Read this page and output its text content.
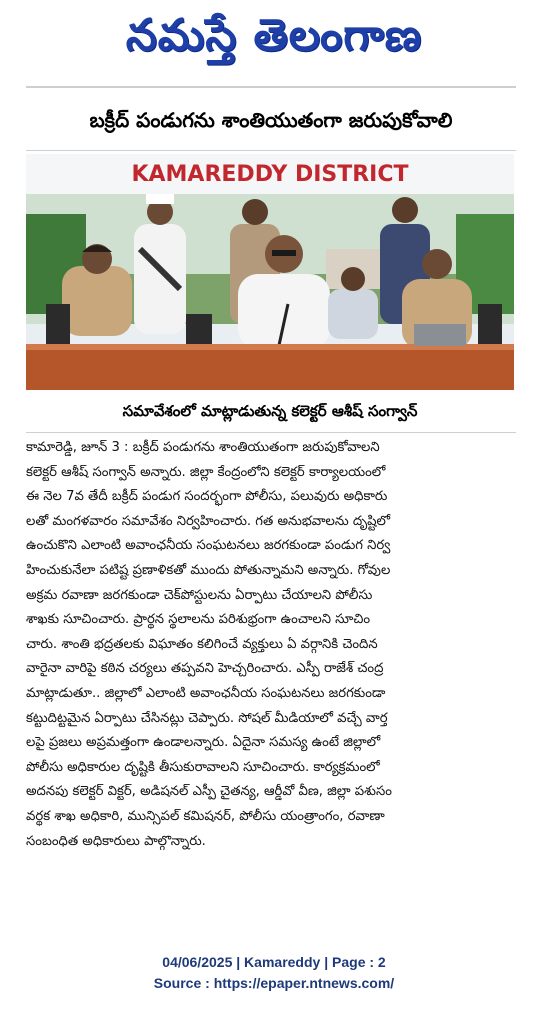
నమస్తే తెలంగాణ
బక్రీద్ పండుగను శాంతియుతంగా జరుపుకోవాలి
KAMAREDDY DISTRICT
సమావేశంలో మాట్లాడుతున్న కలెక్టర్ ఆశీష్ సంగ్వాన్
కామారెడ్డి, జూన్ 3 : బక్రీద్ పండుగను శాంతియుతంగా జరుపుకోవాలని
కలెక్టర్ ఆశీష్ సంగ్వాన్ అన్నారు. జిల్లా కేంద్రంలోని కలెక్టర్ కార్యాలయంలో
ఈ నెల 7వ తేదీ బక్రీద్ పండుగ సందర్భంగా పోలీసు, పలువురు అధికారు
లతో మంగళవారం సమావేశం నిర్వహించారు. గత అనుభవాలను దృష్టిలో
ఉంచుకొని ఎలాంటి అవాంఛనీయ సంఘటనలు జరగకుండా పండుగ నిర్వ
హించుకునేలా పటిష్ట ప్రణాళికతో ముందు పోతున్నామని అన్నారు. గోవుల
అక్రమ రవాణా జరగకుండా చెక్‌పోస్టులను ఏర్పాటు చేయాలని పోలీసు
శాఖకు సూచించారు. ప్రార్థన స్థలాలను పరిశుభ్రంగా ఉంచాలని సూచిం
చారు. శాంతి భద్రతలకు విఘాతం కలిగించే వ్యక్తులు ఏ వర్గానికి చెందిన
వారైనా వారిపై కఠిన చర్యలు తప్పవని హెచ్చరించారు. ఎస్పీ రాజేశ్ చంద్ర
మాట్లాడుతూ.. జిల్లాలో ఎలాంటి అవాంఛనీయ సంఘటనలు జరగకుండా
కట్టుదిట్టమైన ఏర్పాటు చేసినట్లు చెప్పారు. సోషల్ మీడియాలో వచ్చే వార్త
లపై ప్రజలు అప్రమత్తంగా ఉండాలన్నారు. ఏదైనా సమస్య ఉంటే జిల్లాలో
పోలీసు అధికారుల దృష్టికి తీసుకురావాలని సూచించారు. కార్యక్రమంలో
అదనపు కలెక్టర్ విక్టర్, అడిషనల్ ఎస్పీ చైతన్య, ఆర్డీవో వీణ, జిల్లా పశుసం
వర్థక శాఖ అధికారి, మున్సిపల్ కమిషనర్, పోలీసు యంత్రాంగం, రవాణా
సంబంధిత అధికారులు పాల్గొన్నారు.
04/06/2025 | Kamareddy | Page : 2
Source : https://epaper.ntnews.com/
